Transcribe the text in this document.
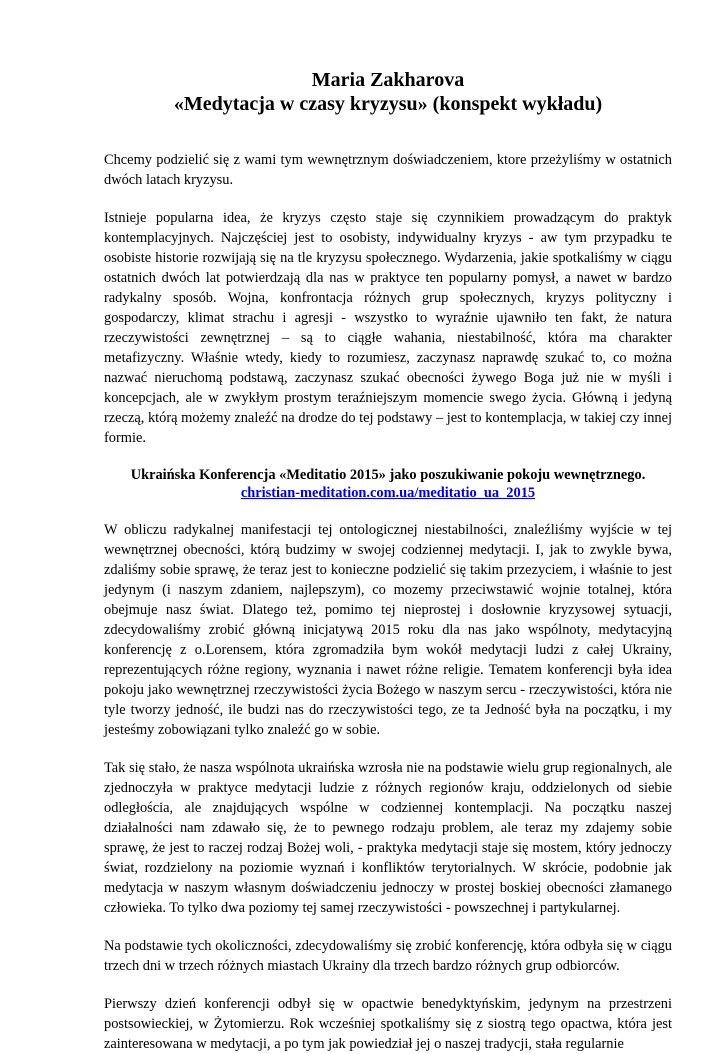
Maria Zakharova
«Medytacja w czasy kryzysu» (konspekt wykładu)

Chcemy podzielić się z wami tym wewnętrznym doświadczeniem, ktore przeżyliśmy w ostatnich dwóch latach kryzysu.

Istnieje popularna idea, że kryzys często staje się czynnikiem prowadzącym do praktyk kontemplacyjnych. Najczęściej jest to osobisty, indywidualny kryzys - aw tym przypadku te osobiste historie rozwijają się na tle kryzysu społecznego. Wydarzenia, jakie spotkaliśmy w ciągu ostatnich dwóch lat potwierdzają dla nas w praktyce ten popularny pomysł, a nawet w bardzo radykalny sposób. Wojna, konfrontacja różnych grup społecznych, kryzys polityczny i gospodarczy, klimat strachu i agresji - wszystko to wyraźnie ujawniło ten fakt, że natura rzeczywistości zewnętrznej – są to ciągłe wahania, niestabilność, która ma charakter metafizyczny. Właśnie wtedy, kiedy to rozumiesz, zaczynasz naprawdę szukać to, co można nazwać nieruchomą podstawą, zaczynasz szukać obecności żywego Boga już nie w myśli i koncepcjach, ale w zwykłym prostym teraźniejszym momencie swego życia. Główną i jedyną rzeczą, którą możemy znaleźć na drodze do tej podstawy – jest to kontemplacja, w takiej czy innej formie.

Ukraińska Konferencja «Meditatio 2015» jako poszukiwanie pokoju wewnętrznego.

christian-meditation.com.ua/meditatio_ua_2015

W obliczu radykalnej manifestacji tej ontologicznej niestabilności, znaleźliśmy wyjście w tej wewnętrznej obecności, którą budzimy w swojej codziennej medytacji. I, jak to zwykle bywa, zdaliśmy sobie sprawę, że teraz jest to konieczne podzielić się takim przezyciem, i właśnie to jest jedynym (i naszym zdaniem, najlepszym), co mozemy przeciwstawić wojnie totalnej, która obejmuje nasz świat. Dlatego też, pomimo tej nieprostej i dosłownie kryzysowej sytuacji, zdecydowaliśmy zrobić główną inicjatywą 2015 roku dla nas jako wspólnoty, medytacyjną konferencję z o.Lorensem, która zgromadziła bym wokół medytacji ludzi z całej Ukrainy, reprezentujących różne regiony, wyznania i nawet różne religie. Tematem konferencji była idea pokoju jako wewnętrznej rzeczywistości życia Bożego w naszym sercu - rzeczywistości, która nie tyle tworzy jedność, ile budzi nas do rzeczywistości tego, ze ta Jedność była na początku, i my jesteśmy zobowiązani tylko znaleźć go w sobie.

Tak się stało, że nasza wspólnota ukraińska wzrosła nie na podstawie wielu grup regionalnych, ale zjednoczyła w praktyce medytacji ludzie z różnych regionów kraju, oddzielonych od siebie odległościa, ale znajdujących wspólne w codziennej kontemplacji. Na początku naszej działalności nam zdawało się, że to pewnego rodzaju problem, ale teraz my zdajemy sobie sprawę, że jest to raczej rodzaj Bożej woli, - praktyka medytacji staje się mostem, który jednoczy świat, rozdzielony na poziomie wyznań i konfliktów terytorialnych. W skrócie, podobnie jak medytacja w naszym własnym doświadczeniu jednoczy w prostej boskiej obecności złamanego człowieka. To tylko dwa poziomy tej samej rzeczywistości - powszechnej i partykularnej.

Na podstawie tych okoliczności, zdecydowaliśmy się zrobić konferencję, która odbyła się w ciągu trzech dni w trzech różnych miastach Ukrainy dla trzech bardzo różnych grup odbiorców.

Pierwszy dzień konferencji odbył się w opactwie benedyktyńskim, jedynym na przestrzeni postsowieckiej, w Żytomierzu. Rok wcześniej spotkaliśmy się z siostrą tego opactwa, która jest zainteresowana w medytacji, a po tym jak powiedział jej o naszej tradycji, stała regularnie
